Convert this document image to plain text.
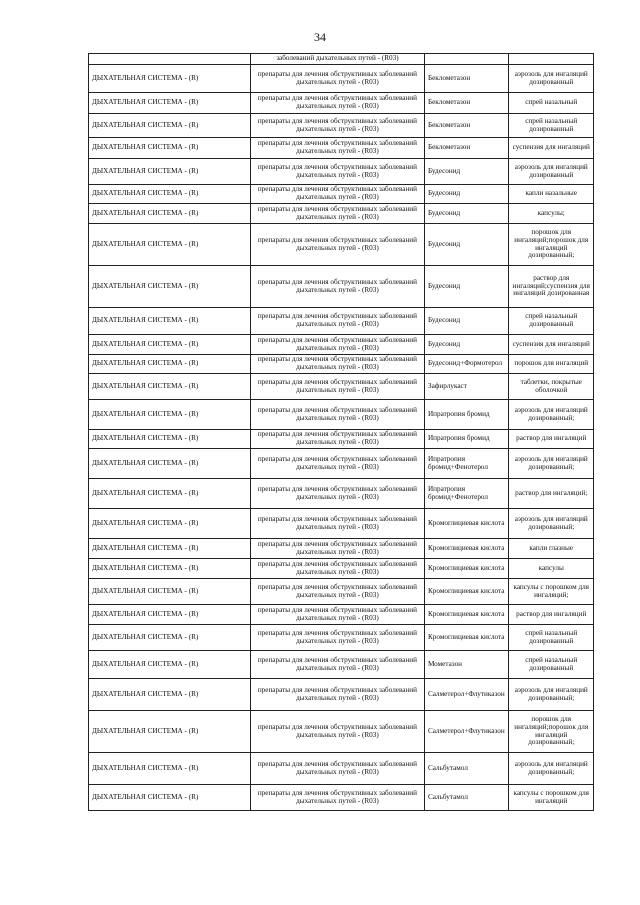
34
	заболеваний дыхательных путей - (R03)		
ДЫХАТЕЛЬНАЯ СИСТЕМА - (R)	препараты для лечения обструктивных заболеваний дыхательных путей - (R03)	Беклометазон	аэрозоль для ингаляций дозированный
ДЫХАТЕЛЬНАЯ СИСТЕМА - (R)	препараты для лечения обструктивных заболеваний дыхательных путей - (R03)	Беклометазон	спрей назальный
ДЫХАТЕЛЬНАЯ СИСТЕМА - (R)	препараты для лечения обструктивных заболеваний дыхательных путей - (R03)	Беклометазон	спрей назальный дозированный
ДЫХАТЕЛЬНАЯ СИСТЕМА - (R)	препараты для лечения обструктивных заболеваний дыхательных путей - (R03)	Беклометазон	суспензия для ингаляций
ДЫХАТЕЛЬНАЯ СИСТЕМА - (R)	препараты для лечения обструктивных заболеваний дыхательных путей - (R03)	Будесонид	аэрозоль для ингаляций дозированный
ДЫХАТЕЛЬНАЯ СИСТЕМА - (R)	препараты для лечения обструктивных заболеваний дыхательных путей - (R03)	Будесонид	капли назальные
ДЫХАТЕЛЬНАЯ СИСТЕМА - (R)	препараты для лечения обструктивных заболеваний дыхательных путей - (R03)	Будесонид	капсулы;
ДЫХАТЕЛЬНАЯ СИСТЕМА - (R)	препараты для лечения обструктивных заболеваний дыхательных путей - (R03)	Будесонид	порошок для ингаляций;порошок для ингаляций дозированный;
ДЫХАТЕЛЬНАЯ СИСТЕМА - (R)	препараты для лечения обструктивных заболеваний дыхательных путей - (R03)	Будесонид	раствор для ингаляций;суспензия для ингаляций дозированная
ДЫХАТЕЛЬНАЯ СИСТЕМА - (R)	препараты для лечения обструктивных заболеваний дыхательных путей - (R03)	Будесонид	спрей назальный дозированный
ДЫХАТЕЛЬНАЯ СИСТЕМА - (R)	препараты для лечения обструктивных заболеваний дыхательных путей - (R03)	Будесонид	суспензия для ингаляций
ДЫХАТЕЛЬНАЯ СИСТЕМА - (R)	препараты для лечения обструктивных заболеваний дыхательных путей - (R03)	Будесонид+Формотерол	порошок для ингаляций
ДЫХАТЕЛЬНАЯ СИСТЕМА - (R)	препараты для лечения обструктивных заболеваний дыхательных путей - (R03)	Зафирлукаст	таблетки, покрытые оболочкой
ДЫХАТЕЛЬНАЯ СИСТЕМА - (R)	препараты для лечения обструктивных заболеваний дыхательных путей - (R03)	Ипратропия бромид	аэрозоль для ингаляций дозированный;
ДЫХАТЕЛЬНАЯ СИСТЕМА - (R)	препараты для лечения обструктивных заболеваний дыхательных путей - (R03)	Ипратропия бромид	раствор для ингаляций
ДЫХАТЕЛЬНАЯ СИСТЕМА - (R)	препараты для лечения обструктивных заболеваний дыхательных путей - (R03)	Ипратропия бромид+Фенотерол	аэрозоль для ингаляций дозированный;
ДЫХАТЕЛЬНАЯ СИСТЕМА - (R)	препараты для лечения обструктивных заболеваний дыхательных путей - (R03)	Ипратропия бромид+Фенотерол	раствор для ингаляций;
ДЫХАТЕЛЬНАЯ СИСТЕМА - (R)	препараты для лечения обструктивных заболеваний дыхательных путей - (R03)	Кромоглициевая кислота	аэрозоль для ингаляций дозированный;
ДЫХАТЕЛЬНАЯ СИСТЕМА - (R)	препараты для лечения обструктивных заболеваний дыхательных путей - (R03)	Кромоглициевая кислота	капли глазные
ДЫХАТЕЛЬНАЯ СИСТЕМА - (R)	препараты для лечения обструктивных заболеваний дыхательных путей - (R03)	Кромоглициевая кислота	капсулы
ДЫХАТЕЛЬНАЯ СИСТЕМА - (R)	препараты для лечения обструктивных заболеваний дыхательных путей - (R03)	Кромоглициевая кислота	капсулы с порошком для ингаляций;
ДЫХАТЕЛЬНАЯ СИСТЕМА - (R)	препараты для лечения обструктивных заболеваний дыхательных путей - (R03)	Кромоглициевая кислота	раствор для ингаляций
ДЫХАТЕЛЬНАЯ СИСТЕМА - (R)	препараты для лечения обструктивных заболеваний дыхательных путей - (R03)	Кромоглициевая кислота	спрей назальный дозированный
ДЫХАТЕЛЬНАЯ СИСТЕМА - (R)	препараты для лечения обструктивных заболеваний дыхательных путей - (R03)	Мометазон	спрей назальный дозированный
ДЫХАТЕЛЬНАЯ СИСТЕМА - (R)	препараты для лечения обструктивных заболеваний дыхательных путей - (R03)	Салметерол+Флутиказон	аэрозоль для ингаляций дозированный;
ДЫХАТЕЛЬНАЯ СИСТЕМА - (R)	препараты для лечения обструктивных заболеваний дыхательных путей - (R03)	Салметерол+Флутиказон	порошок для ингаляций;порошок для ингаляций дозированный;
ДЫХАТЕЛЬНАЯ СИСТЕМА - (R)	препараты для лечения обструктивных заболеваний дыхательных путей - (R03)	Сальбутамол	аэрозоль для ингаляций дозированный;
ДЫХАТЕЛЬНАЯ СИСТЕМА - (R)	препараты для лечения обструктивных заболеваний дыхательных путей - (R03)	Сальбутамол	капсулы с порошком для ингаляций
